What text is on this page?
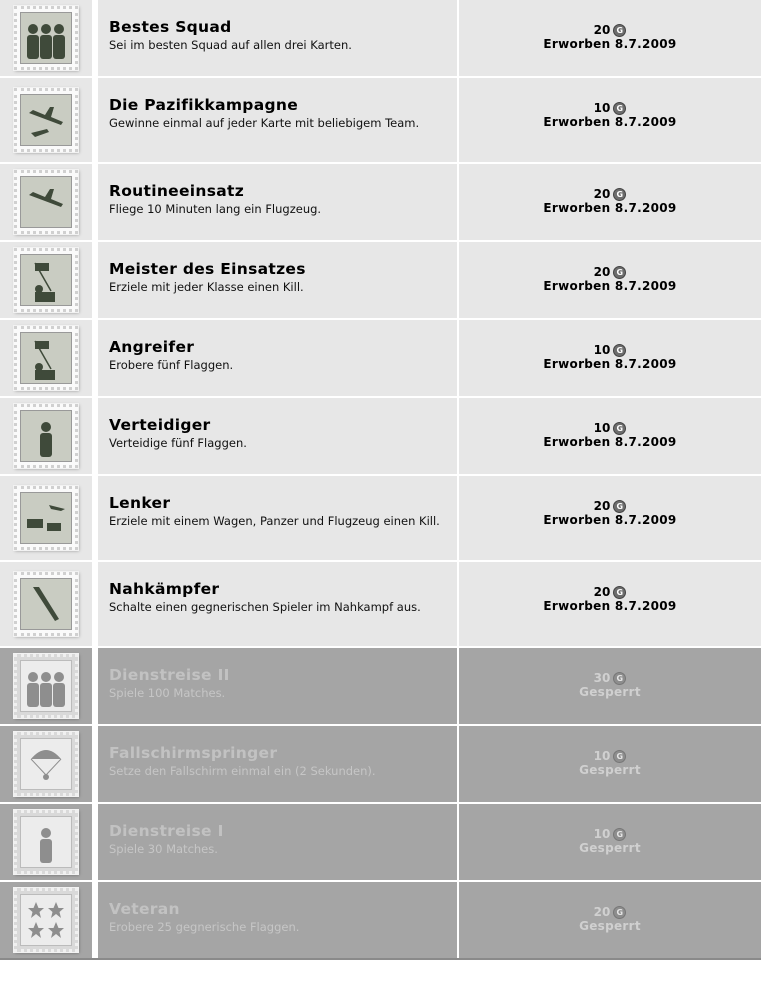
Bestes Squad
Sei im besten Squad auf allen drei Karten.
20 G
Erworben 8.7.2009
Die Pazifikkampagne
Gewinne einmal auf jeder Karte mit beliebigem Team.
10 G
Erworben 8.7.2009
Routineeinsatz
Fliege 10 Minuten lang ein Flugzeug.
20 G
Erworben 8.7.2009
Meister des Einsatzes
Erziele mit jeder Klasse einen Kill.
20 G
Erworben 8.7.2009
Angreifer
Erobere fünf Flaggen.
10 G
Erworben 8.7.2009
Verteidiger
Verteidige fünf Flaggen.
10 G
Erworben 8.7.2009
Lenker
Erziele mit einem Wagen, Panzer und Flugzeug einen Kill.
20 G
Erworben 8.7.2009
Nahkämpfer
Schalte einen gegnerischen Spieler im Nahkampf aus.
20 G
Erworben 8.7.2009
Dienstreise II
Spiele 100 Matches.
30 G
Gesperrt
Fallschirmspringer
Setze den Fallschirm einmal ein (2 Sekunden).
10 G
Gesperrt
Dienstreise I
Spiele 30 Matches.
10 G
Gesperrt
Veteran
Erobere 25 gegnerische Flaggen.
20 G
Gesperrt
